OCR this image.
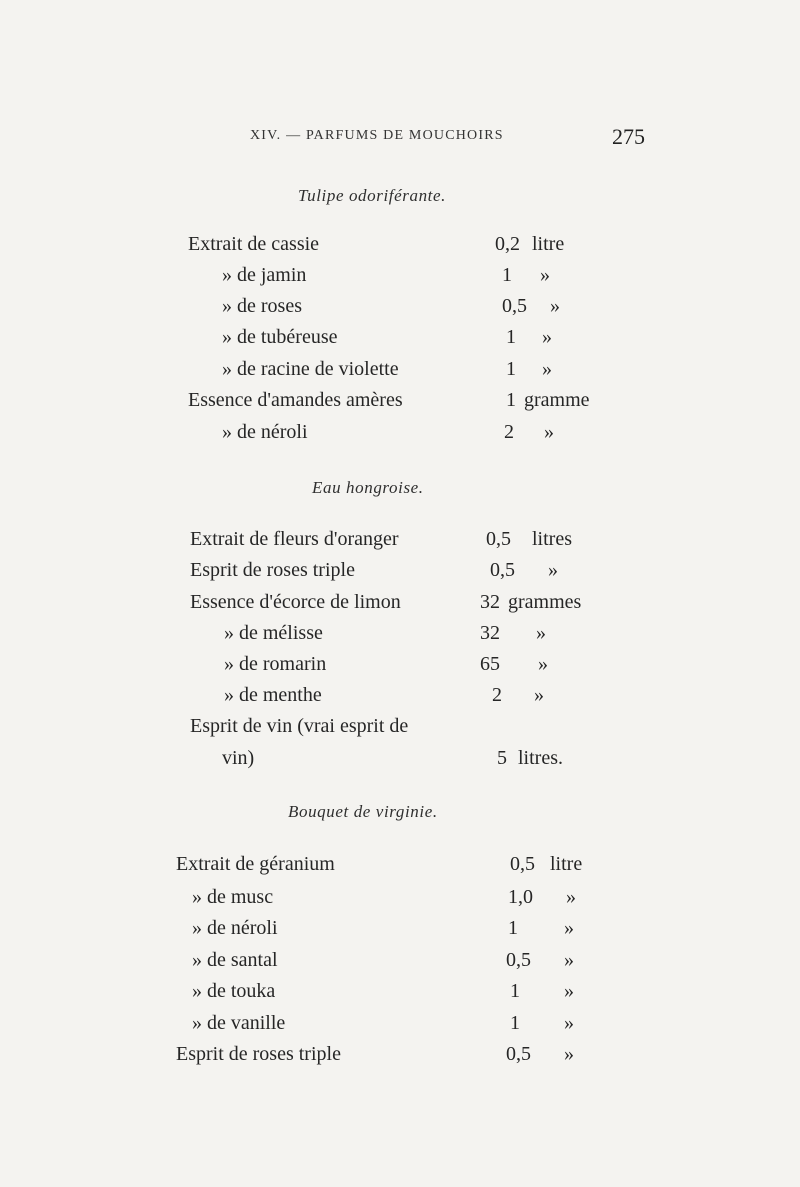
XIV. — PARFUMS DE MOUCHOIRS	275
Tulipe odoriférante.
Extrait de cassie	0,2 litre
» de jamin	1 »
» de roses	0,5 »
» de tubéreuse	1 »
» de racine de violette	1 »
Essence d'amandes amères	1 gramme
» de néroli	2 »
Eau hongroise.
Extrait de fleurs d'oranger	0,5 litres
Esprit de roses triple	0,5 »
Essence d'écorce de limon	32 grammes
» de mélisse	32 »
» de romarin	65 »
» de menthe	2 »
Esprit de vin (vrai esprit de
vin)	5 litres.
Bouquet de virginie.
Extrait de géranium	0,5 litre
» de musc	1,0 »
» de néroli	1 »
» de santal	0,5 »
» de touka	1 »
» de vanille	1 »
Esprit de roses triple	0,5 »
